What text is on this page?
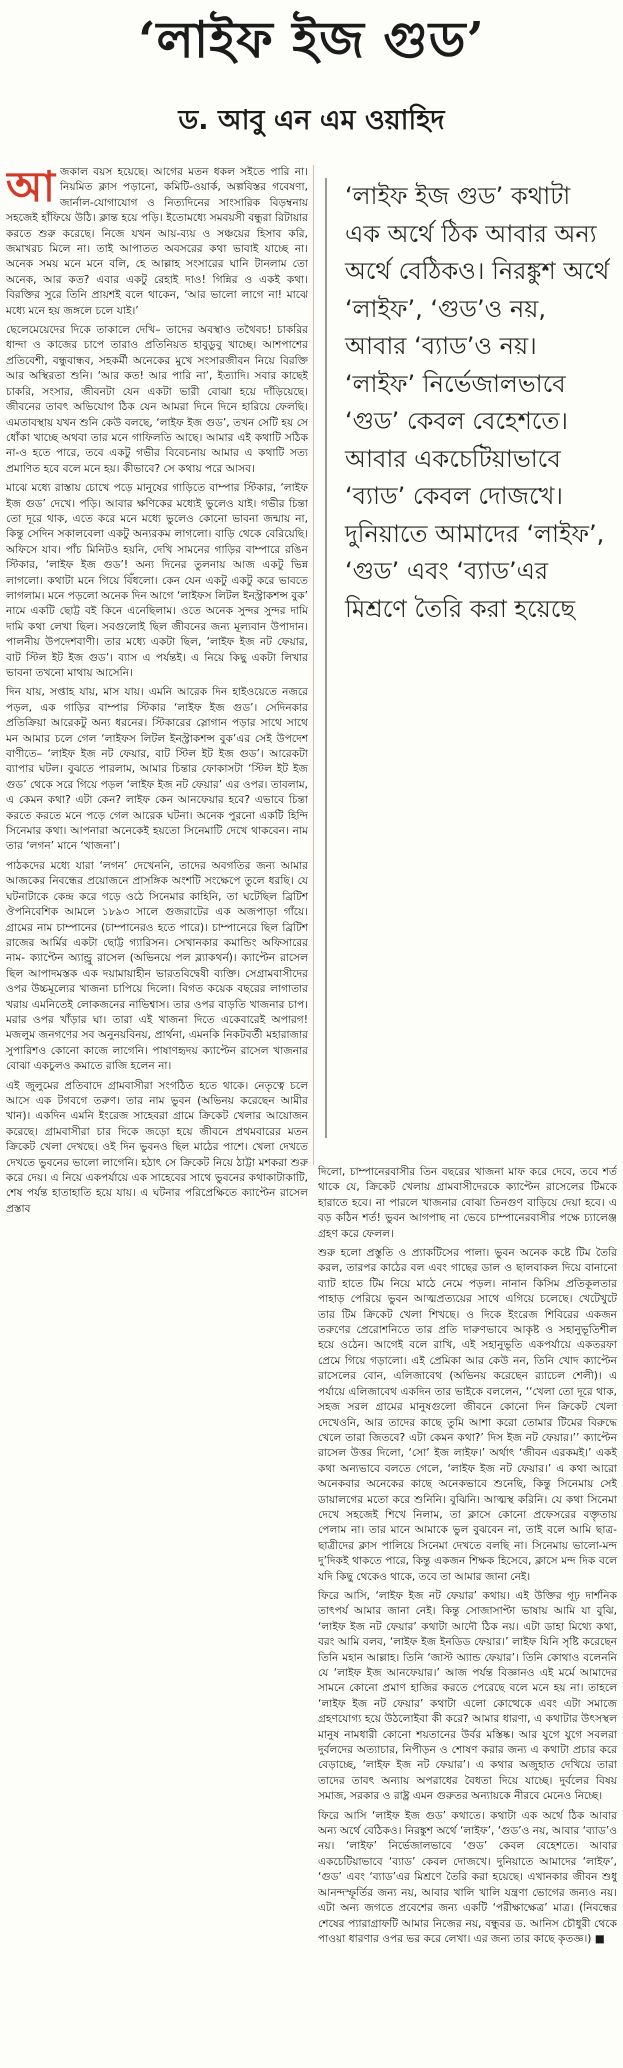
‘লাইফ ইজ গুড’
ড. আবু এন এম ওয়াহিদ
‘লাইফ ইজ গুড’ কথাটা এক অর্থে ঠিক আবার অন্য অর্থে বেঠিকও। নিরঙ্কুশ অর্থে ‘লাইফ’, ‘গুড’ও নয়, আবার ‘ব্যাড’ও নয়। ‘লাইফ’ নির্ভেজালভাবে ‘গুড’ কেবল বেহেশতে। আবার একচেটিয়াভাবে ‘ব্যাড’ কেবল দোজখে। দুনিয়াতে আমাদের ‘লাইফ’, ‘গুড’ এবং ‘ব্যাড’এর মিশ্রণে তৈরি করা হয়েছে

আজকাল বয়স হয়েছে। আগের মতন ধকল সইতে পারি না। নিয়মিত ক্লাস পড়ানো, কমিটি-ওয়ার্ক, অল্পবিস্তর গবেষণা, জার্নাল-যোগাযোগ ও নিত্যদিনের সাংসারিক বিড়ম্বনায় সহজেই হাঁফিয়ে উঠি। ক্লান্ত হয়ে পড়ি। ইতোমধ্যে সমবয়সী বন্ধুরা রিটায়ার করতে শুরু করেছে। নিজে যখন আয়-ব্যয় ও সঞ্চয়ের হিসাব করি, জমাখরচ মিলে না। তাই আপাতত অবসরের কথা ভাবাই যাচ্ছে না। অনেক সময় মনে মনে বলি, হে আল্লাহ সংসারের ঘানি টানলাম তো অনেক, আর কত? এবার একটু রেহাই দাও! গিন্নির ও একই কথা। বিরক্তির সুরে তিনি প্রায়শই বলে থাকেন, ‘আর ভালো লাগে না! মাঝে মধ্যে মনে হয় জঙ্গলে চলে যাই।’

ছেলেমেয়েদের দিকে তাকালে দেখি– তাদের অবস্থাও তথৈবচ! চাকরির ধান্দা ও কাজের চাপে তারাও প্রতিনিয়ত হাবুডুবু খাচ্ছে। আশপাশের প্রতিবেশী, বন্ধুবান্ধব, সহকর্মী অনেকের মুখে সংসারজীবন নিয়ে বিরক্তি আর অস্থিরতা শুনি। ‘আর কত! আর পারি না’, ইত্যাদি। সবার কাছেই চাকরি, সংসার, জীবনটা যেন একটা ভারী বোঝা হয়ে দাঁড়িয়েছে। জীবনের তাবৎ অভিযোগ ঠিক যেন আমরা দিনে দিনে হারিয়ে ফেলছি। এমতাবস্থায় যখন শুনি কেউ বলছে, ‘লাইফ ইজ গুড’, তখন সেটি হয় সে ধোঁকা খাচ্ছে অথবা তার মনে গাফিলতি আছে। আমার এই কথাটি সঠিক না-ও হতে পারে, তবে একটু গভীর বিবেচনায় আমার এ কথাটি সত্য প্রমাণিত হবে বলে মনে হয়। কীভাবে? সে কথায় পরে আসব।

মাঝে মধ্যে রাস্তায় চোখে পড়ে মানুষের গাড়িতে বাম্পার স্টিকার, ‘লাইফ ইজ গুড’ দেখে। পড়ি। আবার ক্ষণিকের মধ্যেই ভুলেও যাই। গভীর চিন্তা তো দূরে থাক, এতে করে মনে মধ্যে ভুলেও কোনো ভাবনা জন্মায় না, কিন্তু সেদিন সকালবেলা একটু অন্যরকম লাগলো। বাড়ি থেকে বেরিয়েছি। অফিসে যাব। পাঁচ মিনিটও হয়নি, দেখি সামনের গাড়ির বাম্পারে রঙিন স্টিকার, ‘লাইফ ইজ গুড’! অন্য দিনের তুলনায় আজ একটু ভিন্ন লাগলো। কথাটা মনে গিয়ে বিঁধলো। কেন যেন একটু একটু করে ভাবতে লাগলাম। মনে পড়লো অনেক দিন আগে ‘লাইফস লিটল ইনস্ট্রাকশন্স বুক’ নামে একটি ছোট্ট বই কিনে এনেছিলাম। ওতে অনেক সুন্দর সুন্দর দামি দামি কথা লেখা ছিল। সবগুলোই ছিল জীবনের জন্য মূল্যবান উপাদান। পালনীয় উপদেশবাণী। তার মধ্যে একটা ছিল, ‘লাইফ ইজ নট ফেয়ার, বাট স্টিল ইট ইজ গুড’। ব্যাস এ পর্যন্তই। এ নিয়ে কিছু একটা লিখার ভাবনা তখনো মাথায় আসেনি।

দিন যায়, সপ্তাহ যায়, মাস যায়। এমনি আরেক দিন হাইওয়েতে নজরে পড়ল, এক গাড়ির বাম্পার স্টিকার ‘লাইফ ইজ গুড’। সেদিনকার প্রতিক্রিয়া আরেকটু অন্য ধরনের। স্টিকারের স্লোগান পড়ার সাথে সাথে মন আমার চলে গেল ‘লাইফস লিটল ইনস্ট্রাকশন্স বুক’এর সেই উপদেশ বাণীতে– ‘লাইফ ইজ নট ফেয়ার, বাট স্টিল ইট ইজ গুড’। আরেকটা ব্যাপার ঘটল। বুঝতে পারলাম, আমার চিন্তার ফোকাসটা ‘স্টিল ইট ইজ গুড’ থেকে সরে গিয়ে পড়ল ‘লাইফ ইজ নট ফেয়ার’ এর ওপর। তাবলাম, এ কেমন কথা? এটা কেন? লাইফ কেন আনফেয়ার হবে? এভাবে চিন্তা করতে করতে মনে পড়ে গেল আরেক ঘটনা। অনেক পুরনো একটি হিন্দি সিনেমার কথা। আপনারা অনেকেই হয়তো সিনেমাটি দেখে থাকবেন। নাম তার ‘লগন’ মানে ‘খাজনা’।

পাঠকদের মধ্যে যারা ‘লগন’ দেখেননি, তাদের অবগতির জন্য আমার আজকের নিবন্ধের প্রয়োজনে প্রাসঙ্গিক অংশটি সংক্ষেপে তুলে ধরছি। যে ঘটনাটাকে কেন্দ্র করে গড়ে ওঠে সিনেমার কাহিনি, তা ঘটেছিল ব্রিটিশ ঔপনিবেশিক আমলে ১৮৯৩ সালে গুজরাটের এক অজপাড়া গাঁয়ে। গ্রামের নাম চাম্পানের (চাম্পানেরও হতে পারে)। চাম্পানেরে ছিল ব্রিটিশ রাজের আর্মির একটা ছোট্ট গ্যারিসন। সেখানকার কমান্ডিং অফিসারের নাম- ক্যাপ্টেন অ্যান্ড্রু রাসেল (অভিনয়ে পল ব্ল্যাকথর্ন)। ক্যাপ্টেন রাসেল ছিল আপাদমস্তক এক দয়ামায়াহীন ভারতবিদ্বেষী ব্যক্তি। সেগ্রামবাসীদের ওপর উচ্চমূল্যের খাজনা চাপিয়ে দিলো। বিগত কয়েক বছরের লাগাতার খরায় এমনিতেই লোকজনের নাভিশ্বাস। তার ওপর বাড়তি খাজনার চাপ। মরার ওপর খাঁড়ার ঘা। তারা এই খাজনা দিতে একেবারেই অপারগ! মজলুম জনগণের সব অনুনয়বিনয়, প্রার্থনা, এমনকি নিকটবর্তী মহারাজার সুপারিশও কোনো কাজে লাগেনি। পাষাণহৃদয় ক্যাপ্টেন রাসেল খাজনার বোঝা একচুলও কমাতে রাজি হলেন না।

এই জুলুমের প্রতিবাদে গ্রামবাসীরা সংগঠিত হতে থাকে। নেতৃত্বে চলে আসে এক টগবগে তরুণ। তার নাম ভুবন (অভিনয় করেছেন আমীর খান)। একদিন এমনি ইংরেজ সাহেবরা গ্রামে ক্রিকেট খেলার আয়োজন করেছে। গ্রামবাসীরা চার দিকে জড়ো হয়ে জীবনে প্রথমবারের মতন ক্রিকেট খেলা দেখছে। ওই দিন ভুবনও ছিল মাঠের পাশে। খেলা দেখতে দেখতে ভুবনের ভালো লাগেনি। হঠাৎ সে ক্রিকেট নিয়ে ঠাট্টা মশকরা শুরু করে দেয়। এ নিয়ে একপর্যায়ে এক সাহেবের সাথে ভুবনের কথাকাটাকাটি, শেষ পর্যন্ত হাতাহাতি হয়ে যায়। এ ঘটনার পরিপ্রেক্ষিতে ক্যাপ্টেন রাসেল প্রস্তাব

দিলো, চাম্পানেরবাসীর তিন বছরের খাজনা মাফ করে দেবে, তবে শর্ত থাকে যে, ক্রিকেট খেলায় গ্রামবাসীদেরকে ক্যাপ্টেন রাসেলের টিমকে হারাতে হবে। না পারলে খাজনার বোঝা তিনগুণ বাড়িয়ে দেয়া হবে। এ বড় কঠিন শর্ত! ভুবন আগপাছ না ভেবে চাম্পানেরবাসীর পক্ষে চ্যালেঞ্জ গ্রহণ করে ফেলল।

শুরু হলো প্রস্তুতি ও প্র্যাকটিসের পালা। ভুবন অনেক কষ্টে টিম তৈরি করল, তারপর কাঠের বল এবং গাছের ডাল ও ছালবাকল দিয়ে বানানো ব্যাট হাতে টিম নিয়ে মাঠে নেমে পড়ল। নানান কিসিম প্রতিকূলতার পাহাড় পেরিয়ে ভুবন আত্মপ্রত্যয়ের সাথে এগিয়ে চলেছে। খেটেখুটে তার টিম ক্রিকেট খেলা শিখছে। ও দিকে ইংরেজ শিবিরের একজন তরুণের প্রেরোশনিতে তার প্রতি দারুণভাবে আকৃষ্ট ও সহানুভূতিশীল হয়ে ওঠেন। আগেই বলে রাখি, এই সহানুভূতি একপর্যায়ে একতরফা প্রেমে গিয়ে গড়ালো। এই প্রেমিকা আর কেউ নন, তিনি খোদ ক্যাপ্টেন রাসেলের বোন, এলিজাবেথ (অভিনয় করেছেন র‌্যাচেল শেলী)। এ পর্যায়ে এলিজাবেথ একদিন তার ভাইকে বললেন, ‘‘খেলা তো দূরে থাক, সহজ সরল গ্রামের মানুষগুলো জীবনে কোনো দিন ক্রিকেট খেলা দেখেওনি, আর তাদের কাছে তুমি আশা করো তোমার টিমের বিরুদ্ধে খেলে তারা জিতবে? এটা কেমন কথা?’ দিস ইজ নট ফেয়ার।’’ ক্যাপ্টেন রাসেল উত্তর দিলো, ‘সো’ ইজ লাইফ।’ অর্থাৎ ‘জীবন এরকমই।’ একই কথা অন্যভাবে বলতে গেলে, ‘লাইফ ইজ নট ফেয়ার।’ এ কথা আরো অনেকবার অনেকের কাছে অনেকভাবে শুনেছি, কিন্তু সিনেমায় সেই ডায়ালগের মতো করে শুনিনি। বুঝিনি। আত্মস্থ করিনি। যে কথা সিনেমা দেখে সহজেই শিখে নিলাম, তা ক্লাসে কোনো প্রফেসরের বক্তৃতায় পেলাম না। তার মানে আমাকে ভুল বুঝবেন না, তাই বলে আমি ছাত্র-ছাত্রীদের ক্লাস পালিয়ে সিনেমা দেখতে বলছি না। সিনেমায় ভালো-মন্দ দু’দিকই থাকতে পারে, কিন্তু একজন শিক্ষক হিসেবে, ক্লাসে মন্দ দিক বলে যদি কিছু থেকেও থাকে, তবে তা আমার জানা নেই।

ফিরে আসি, ‘লাইফ ইজ নট ফেয়ার’ কথায়। এই উক্তির গূঢ় দার্শনিক তাৎপর্য আমার জানা নেই। কিন্তু সোজাসাপ্টা ভাষায় আমি যা বুঝি, ‘লাইফ ইজ নট ফেয়ার’ কথাটা আদৌ ঠিক নয়। এটা ডাহা মিথ্যে কথা, বরং আমি বলব, ‘লাইফ ইজ ইনডিড ফেয়ার।’ লাইফ যিনি সৃষ্টি করেছেন তিনি মহান আল্লাহ। তিনি ‘জাস্ট অ্যান্ড ফেয়ার’। তিনি কোথাও বলেননি যে ‘লাইফ ইজ আনফেয়ার।’ আজ পর্যন্ত বিজ্ঞানও এই মর্মে আমাদের সামনে কোনো প্রমাণ হাজির করতে পেরেছে বলে মনে হয় না। তাহলে ‘লাইফ ইজ নট ফেয়ার’ কথাটা এলো কোত্থেকে এবং এটা সমাজে গ্রহণযোগ্য হয়ে উঠলোইবা কী করে? আমার ধারণা, এ কথাটার উৎসস্থল মানুষ নামধারী কোনো শয়তানের উর্বর মস্তিষ্ক। আর যুগে যুগে সবলরা দুর্বলদের অত্যাচার, নিপীড়ন ও শোষণ করার জন্য এ কথাটা প্রচার করে বেড়াচ্ছে, ‘লাইফ ইজ নট ফেয়ার’। এ কথার অজুহাত দেখিয়ে তারা তাদের তাবৎ অন্যায় অপরাধের বৈধতা দিয়ে যাচ্ছে। দুর্বলের বিষয় সমাজ, সরকার ও রাষ্ট্র এমন গুরুতর অন্যায়কে নীরবে মেনেও নিচ্ছে।

ফিরে আসি ‘লাইফ ইজ গুড’ কথাতে। কথাটা এক অর্থে ঠিক আবার অন্য অর্থে বেঠিকও। নিরঙ্কুশ অর্থে ‘লাইফ’, ‘গুড’ও নয়, আবার ‘ব্যাড’ও নয়। ‘লাইফ’ নির্ভেজালভাবে ‘গুড’ কেবল বেহেশতে। আবার একচেটিয়াভাবে ‘ব্যাড’ কেবল দোজখে। দুনিয়াতে আমাদের ‘লাইফ’, ‘গুড’ এবং ‘ব্যাড’এর মিশ্রণে তৈরি করা হয়েছে। এখানকার জীবন শুধু আনন্দস্ফূর্তির জন্য নয়, আবার খালি খালি যন্ত্রণা ভোগের জন্যও নয়। এটা অন্য জগতে প্রবেশের জন্য একটি ‘পরীক্ষাক্ষেত্র’ মাত্র। (নিবন্ধের শেষের প্যারাগ্রাফটি আমার নিজের নয়, বন্ধুবর ড. আনিস চৌধুরী থেকে পাওয়া ধারণার ওপর ভর করে লেখা। এর জন্য তার কাছে কৃতজ্ঞ।) ■
